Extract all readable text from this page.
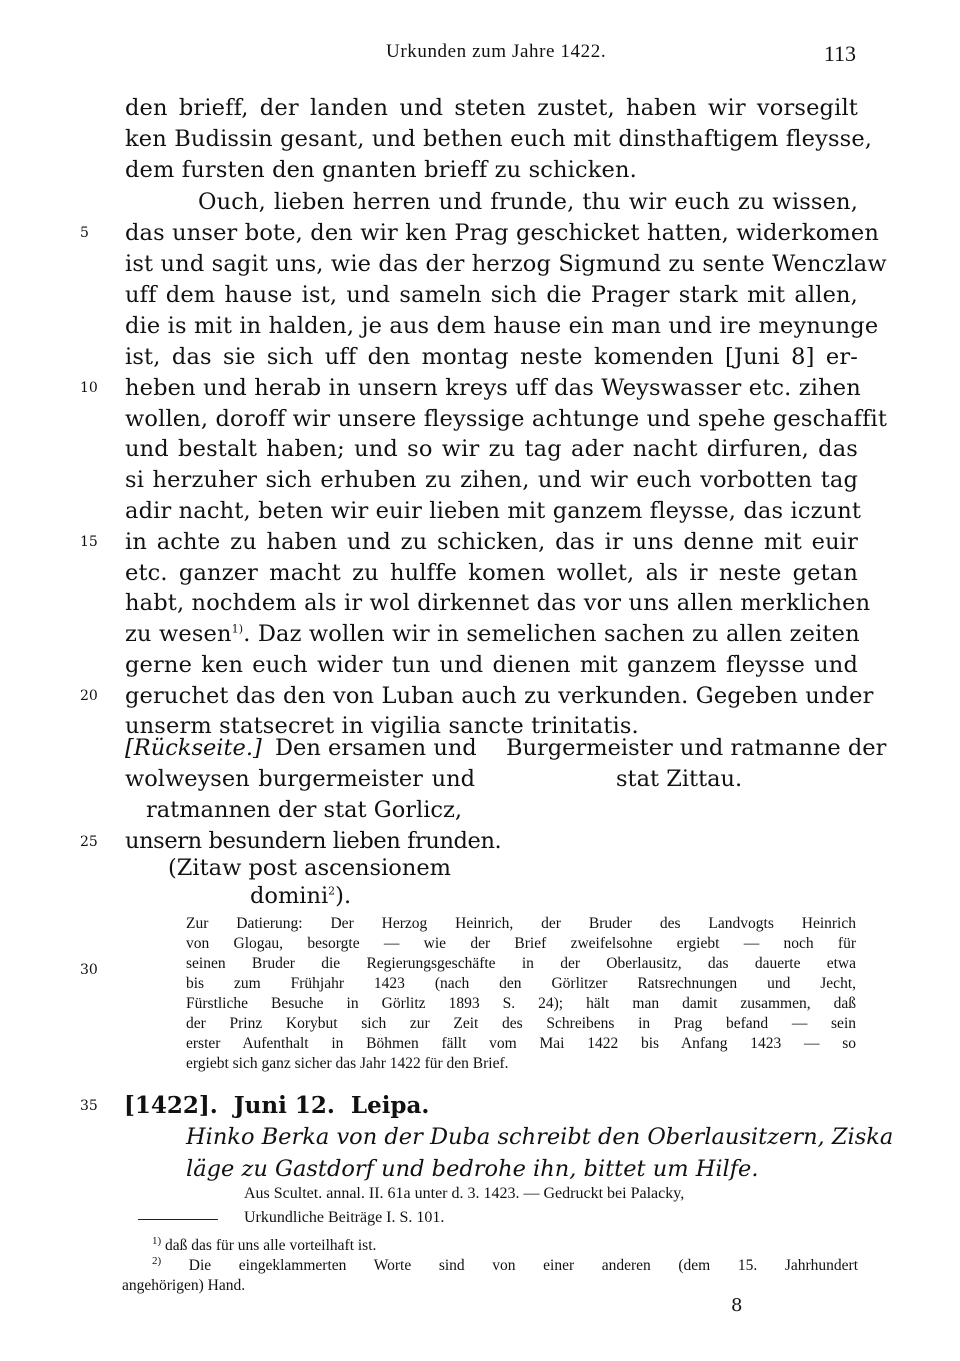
Urkunden zum Jahre 1422.	113
den brieff, der landen und steten zustet, haben wir vorsegilt
ken Budissin gesant, und bethen euch mit dinsthaftigem fleysse,
dem fursten den gnanten brieff zu schicken.
Ouch, lieben herren und frunde, thu wir euch zu wissen,
das unser bote, den wir ken Prag geschicket hatten, widerkomen
ist und sagit uns, wie das der herzog Sigmund zu sente Wenczlaw
uff dem hause ist, und sameln sich die Prager stark mit allen,
die is mit in halden, je aus dem hause ein man und ire meynunge
ist, das sie sich uff den montag neste komenden [Juni 8] er-
heben und herab in unsern kreys uff das Weyswasser etc. zihen
wollen, doroff wir unsere fleyssige achtunge und spehe geschaffit
und bestalt haben; und so wir zu tag ader nacht dirfuren, das
si herzuher sich erhuben zu zihen, und wir euch vorbotten tag
adir nacht, beten wir euir lieben mit ganzem fleysse, das iczunt
in achte zu haben und zu schicken, das ir uns denne mit euir
etc. ganzer macht zu hulffe komen wollet, als ir neste getan
habt, nochdem als ir wol dirkennet das vor uns allen merklichen
zu wesen$^{1)}$. Daz wollen wir in semelichen sachen zu allen zeiten
gerne ken euch wider tun und dienen mit ganzem fleysse und
geruchet das den von Luban auch zu verkunden. Gegeben under
unserm statsecret in vigilia sancte trinitatis.
5
10
15
20
25
30
35
[Rückseite.] Den ersamen und
wolweysen burgermeister und
ratmannen der stat Gorlicz,
unsern besundern lieben frunden.
Burgermeister und ratmanne der
stat Zittau.
(Zitaw post ascensionem
domini$^2$).
Zur Datierung: Der Herzog Heinrich, der Bruder des Landvogts Heinrich
von Glogau, besorgte — wie der Brief zweifelsohne ergiebt — noch für
seinen Bruder die Regierungsgeschäfte in der Oberlausitz, das dauerte etwa
bis zum Frühjahr 1423 (nach den Görlitzer Ratsrechnungen und Jecht,
Fürstliche Besuche in Görlitz 1893 S. 24); hält man damit zusammen, daß
der Prinz Korybut sich zur Zeit des Schreibens in Prag befand — sein
erster Aufenthalt in Böhmen fällt vom Mai 1422 bis Anfang 1423 — so
ergiebt sich ganz sicher das Jahr 1422 für den Brief.
[1422]. Juni 12. Leipa.
Hinko Berka von der Duba schreibt den Oberlausitzern, Ziska
läge zu Gastdorf und bedrohe ihn, bittet um Hilfe.
Aus Scultet. annal. II. 61a unter d. 3. 1423. — Gedruckt bei Palacky,
Urkundliche Beiträge I. S. 101.
$^{1)}$ daß das für uns alle vorteilhaft ist.
$^{2)}$ Die eingeklammerten Worte sind von einer anderen (dem 15. Jahrhundert
angehörigen) Hand.
8
